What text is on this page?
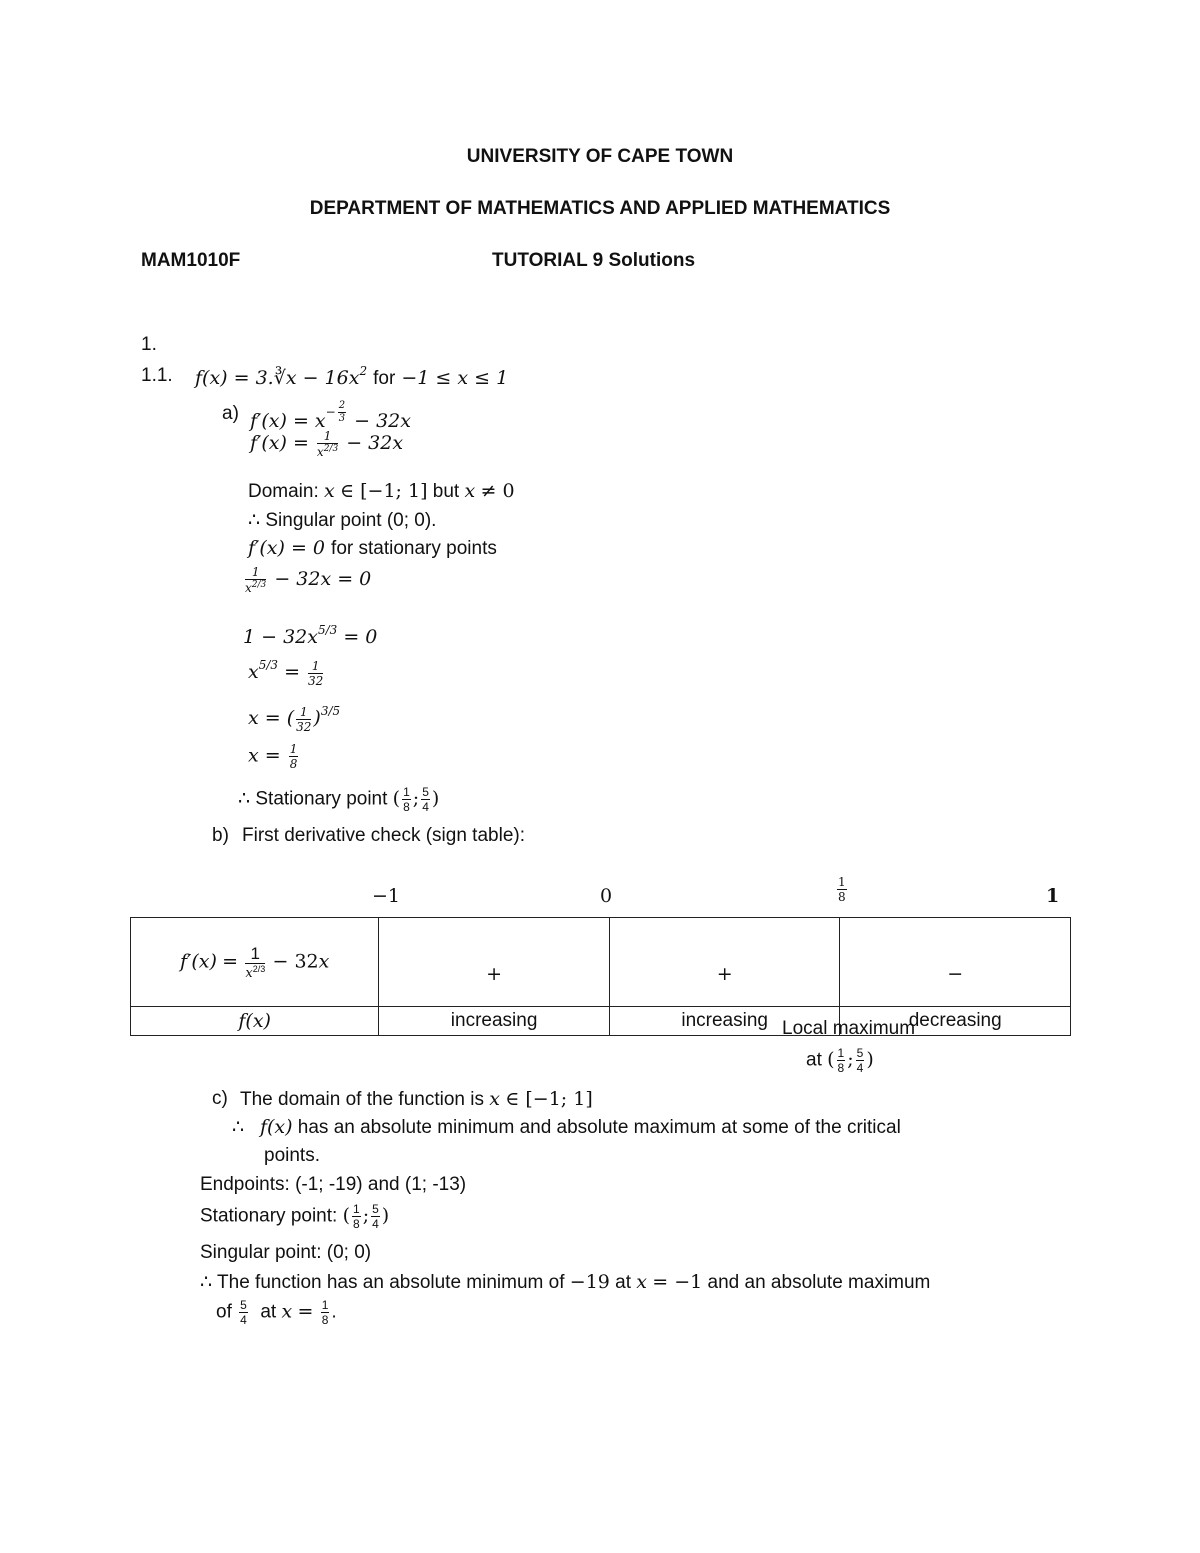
UNIVERSITY OF CAPE TOWN
DEPARTMENT OF MATHEMATICS AND APPLIED MATHEMATICS
MAM1010F	TUTORIAL 9 Solutions
1.
1.1. f(x) = 3.∛x − $16x^2$ for −1 ≤ x ≤ 1
a) $f'(x) = x^{- \frac{2}{3}} - 32x$
$f'(x) = \frac{1}{x^{2/3}} - 32x$
Domain: x ∈ [−1; 1] but x ≠ 0
∴ Singular point (0; 0).
f′(x) = 0 for stationary points
$\frac{1}{x^{2/3}} - 32x = 0$
$1 - 32x^{5/3} = 0$
$x^{5/3} = \frac{1}{32}$
x = ( $\frac{1}{32} )^{3/5}$
$x = \frac{1}{8}$
∴ Stationary point ( $\frac{1}{8}$ ; $\frac{5}{4}$ )
b) First derivative check (sign table):
−1	0	$\frac{1}{8}$	1
$f'(x) = \frac{1}{x^{2/3}} - 32x$	+	+	−
f(x)	increasing	increasing	decreasing
Local maximum
at ( $\frac{1}{8}$ ; $\frac{5}{4}$ )
c) The domain of the function is x ∈ [−1; 1]
∴   f(x) has an absolute minimum and absolute maximum at some of the critical
points.
Endpoints: (-1; -19) and (1; -13)
Stationary point: ( $\frac{1}{8}$ ; $\frac{5}{4}$ )
Singular point: (0; 0)
∴ The function has an absolute minimum of −19 at x = −1 and an absolute maximum
of $\frac{5}{4}$ at $x = \frac{1}{8}$ .
